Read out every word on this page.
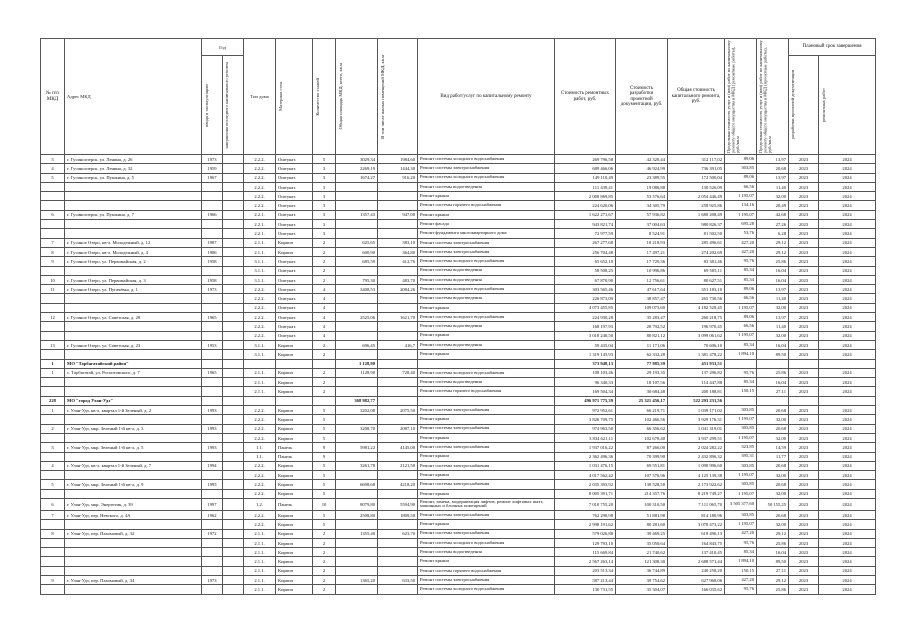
№ п/п МКД	Адрес МКД	Год		Тип дома	Материал стен	Количество этажей	Общая площадь МКД, всего, кв.м	В том числе жилых помещений МКД, кв.м	Вид работ/услуг по капитальному ремонту	Стоимость ремонтных работ, руб.	Стоимость разработки проектной документации, руб.	Общая стоимость капитального ремонта, руб.	Предельная стоимость услуг и (или) работ по капитальному ремонту общего имущества в МКД (ремонтные работы), руб./кв.м	Предельная стоимость услуг и (или) работ по капитальному ремонту общего имущества в МКД (проектные работы), руб./кв.м	Плановый срок завершения	

		ввода в эксплуатацию	завершения последнего капитального ремонта												разработки проектной документации	ремонтных работ

3	г. Гусиноозерск, ул. Ленина, д. 26	1973		2.2.2.	Оштукат.	5	3029,34	1984,60	Ремонт системы холодного водоснабжения	269 796,58	42 320,44	312 117,02	89,06	13,97	2023	2024
4	г. Гусиноозерск, ул. Ленина, д. 32	1959		2.2.2.	Оштукат.	3	2269,19	1444,30	Ремонт системы электроснабжения	689 466,06	46 924,99	736 391,05	303,85	20,68	2023	2024
5	г. Гусиноозерск, ул. Пушкина, д. 5	1967		2.2.2.	Оштукат.	3	1674,27	916,20	Ремонт системы холодного водоснабжения	149 110,49	23 389,55	172 500,04	89,06	13,97	2023	2024
				2.2.2.	Оштукат.	3			Ремонт системы водоотведения	111 439,41	19 086,88	130 526,09	66,56	11,40	2023	2024
				2.2.2.	Оштукат.	3			Ремонт крыши	2 000 869,85	53 576,64	2 054 446,49	1 195,07	32,00	2023	2024
				2.2.2.	Оштукат.	3			Ремонт системы горячего водоснабжения	224 620,06	34 305,79	258 925,86	134,16	20,49	2023	2024
6	г. Гусиноозерск, ул. Пушкина, д. 7	1966		2.2.1.	Оштукат.	3	1357,43	947,00	Ремонт крыши	1 622 271,67	57 936,82	1 680 208,49	1 195,07	42,68	2023	2024
				2.2.1.	Оштукат.	3			Ремонт фасада	943 821,74	37 004,63	980 826,37	695,28	27,26	2023	2024
				2.2.1.	Оштукат.	3			Ремонт фундамента многоквартирного дома	72 977,59	8 524,91	81 502,50	53,76	6,28	2023	2024
7	г. Гусиное Озеро, кв-л. Молодежный, д. 12	1987		2.1.1.	Кирпич	2	625,65	383,10	Ремонт системы электроснабжения	267 277,68	18 218,93	285 496,61	427,20	29,12	2023	2024
8	г. Гусиное Озеро, кв-л. Молодежный, д. 4	1986		2.1.1.	Кирпич	2	600,90	364,80	Ремонт системы электроснабжения	256 704,48	17 497,21	274 202,69	427,20	29,12	2023	2024
9	г. Гусиное Озеро, ул. Первомайская, д. 2	1958		3.1.1.	Оштукат.	2	685,59	412,76	Ремонт системы холодного водоснабжения	65 652,10	17 729,36	83 381,46	95,76	25,86	2023	2024
				3.1.1.	Оштукат.	2			Ремонт системы водоотведения	58 508,25	10 996,86	69 505,11	85,34	16,04	2023	2024
10	г. Гусиное Озеро, ул. Первомайская, д. 3	1958		3.1.1.	Оштукат.	2	795,30	483,70	Ремонт системы водоотведения	67 870,90	12 756,61	80 627,51	85,34	16,04	2023	2024
11	г. Гусиное Озеро, ул. Пугачёвка, д. 1	1973		2.2.2.	Оштукат.	4	3408,53	2084,26	Ремонт системы холодного водоснабжения	303 565,46	47 617,64	351 183,10	89,06	13,97	2023	2024
				2.2.2.	Оштукат.	4			Ремонт системы водоотведения	226 873,09	38 857,47	265 730,56	66,56	11,40	2023	2024
				2.2.2.	Оштукат.	4			Ремонт крыши	4 073 455,85	109 073,60	4 182 529,45	1 195,07	32,00	2023	2024
12	г. Гусиное Озеро, ул. Советская, д. 20	1965		2.2.2.	Оштукат.	4	2525,06	1621,70	Ремонт системы холодного водоснабжения	224 930,28	35 283,47	260 218,75	89,06	13,97	2023	2024
				2.2.2.	Оштукат.	4			Ремонт системы водоотведения	168 197,93	28 792,52	196 970,45	66,56	11,40	2023	2024
				2.2.2.	Оштукат.	4			Ремонт крыши	3 018 240,50	80 821,12	3 099 061,62	1 195,07	32,00	2023	2024
13	г. Гусиное Озеро, ул. Советская, д. 23	1953		3.1.1.	Кирпич	2	696,45	416,7	Ремонт системы водоотведения	59 435,04	11 171,06	70 606,10	85,34	16,04	2023	2024
				3.1.1.	Кирпич	2			Ремонт крыши	1 319 145,93	62 332,28	1 381 478,22	1 894,10	89,50	2023	2024
1	МО "Тарбагатайский район"						1 128,90			373 948,13	77 985,39	451 933,51				
1	с. Тарбагатай, ул. Роспотовского, д. 7	1965		2.1.1.	Кирпич	2	1128,90	728,40	Ремонт системы холодного водоснабжения	108 103,46	29 193,35	137 296,82	95,76	25,86	2023	2024
				2.1.1.	Кирпич	2			Ремонт системы водоотведения	96 340,33	18 107,56	114 447,88	85,34	16,04	2023	2024
				2.1.1.	Кирпич	2			Ремонт системы горячего водоснабжения	169 504,34	30 684,48	200 188,81	150,15	27,11	2023	2024
228	МО "город Улан-Удэ"						368 982,77			496 971 775,39	25 321 456,17	522 293 231,56				
1	г. Улан-Удэ, кв-л. квартал 1-й Зеленый, д. 2	1993		2.2.2.	Кирпич	5	3202,08	2075,50	Ремонт системы электроснабжения	972 952,61	66 219,71	1 039 171,02	303,85	20,68	2023	2024
				2.2.2.	Кирпич	5			Ремонт крыши	3 826 709,75	102 466,56	3 929 176,31	1 195,07	32,00	2023	2024
2	г. Улан-Удэ, мкр. Зеленый 1-й кв-л, д. 3	1993		2.2.2.	Кирпич	5	3208,70	2087,10	Ремонт системы электроснабжения	974 963,50	66 356,62	1 041 319,01	303,85	20,68	2023	2024
				2.2.2.	Кирпич	5			Ремонт крыши	3 834 621,11	102 678,40	3 937 299,51	1 195,07	32,00	2023	2024
3	г. Улан-Удэ, мкр. Зеленый 1-й кв-л, д. 5	1993		1.1.	Панель	9	5981,22	4145,00	Ремонт системы электроснабжения	1 937 016,22	87 266,00	2 024 282,22	323,85	14,59	2023	2024
				1.1.	Панель	9			Ремонт крыши	2 362 496,36	70 399,90	2 432 896,32	395,31	11,77	2023	2024
4	г. Улан-Удэ, кв-л. квартал 1-й Зеленый, д. 7	1994		2.2.2.	Кирпич	5	3261,78	2121,50	Ремонт системы электроснабжения	1 031 476,15	69 551,81	1 090 996,60	303,85	20,68	2023	2024
				2.2.2.	Кирпич	5			Ремонт крыши	4 017 562,42	107 576,96	4 125 139,38	1 195,07	32,00	2023	2024
5	г. Улан-Удэ, мкр. Зеленый 1-й кв-л, д. 9	1995		2.2.2.	Кирпич	5	6698,68	4218,20	Ремонт системы электроснабжения	2 035 393,92	138 528,50	2 173 922,62	303,85	20,68	2023	2024
				2.2.2.	Кирпич	5			Ремонт крыши	8 005 391,71	214 357,76	8 219 749,27	1 195,07	32,00	2023	2024
6	г. Улан-Удэ, мкр. Энергетик, д. 39	1997		1.2.	Панель	10	8079,80	5594,90	Ремонт, замена, модернизация лифтов, ремонт лифтовых шахт, машинных и блочных помещений	7 010 755,20	100 310,50	7 111 065,70	3 505 377,60	50 155,25	2023	2024
7	г. Улан-Удэ, пер. Невского, д. 4А	1962		2.2.2.	Кирпич	5	2508,80	1809,50	Ремонт системы электроснабжения	762 298,98	51 881,98	814 180,96	303,85	20,68	2023	2024
				2.2.2.	Кирпич	5			Ремонт крыши	2 998 191,62	80 281,60	3 078 473,22	1 195,07	32,00	2023	2024
8	г. Улан-Удэ, пер. Пахомовый, д. 32	1972		2.1.1.	Кирпич	2	1355,40	623,70	Ремонт системы электроснабжения	579 026,88	39 469,25	618 496,13	427,20	29,12	2023	2024
				2.1.1.	Кирпич	2			Ремонт системы холодного водоснабжения	129 793,10	35 050,64	164 843,75	95,76	25,86	2023	2024
				2.1.1.	Кирпич	2			Ремонт системы водоотведения	115 669,84	21 740,62	137 410,45	85,34	16,04	2023	2024
				2.1.1.	Кирпич	2			Ремонт крыши	2 567 263,14	121 308,30	2 688 571,44	1 894,10	89,50	2023	2024
				2.1.1.	Кирпич	2			Ремонт системы горячего водоснабжения	203 513,34	36 744,89	240 258,20	150,15	27,11	2023	2024
9	г. Улан-Удэ, пер. Пахомовый, д. 34	1973		2.1.1.	Кирпич	2	1365,20	633,50	Ремонт системы электроснабжения	587 213,44	39 754,62	627 968,06	427,20	29,12	2023	2024
				2.1.1.	Кирпич	2			Ремонт системы холодного водоснабжения	130 731,55	35 304,07	166 035,62	95,76	25,86	2023	2024
